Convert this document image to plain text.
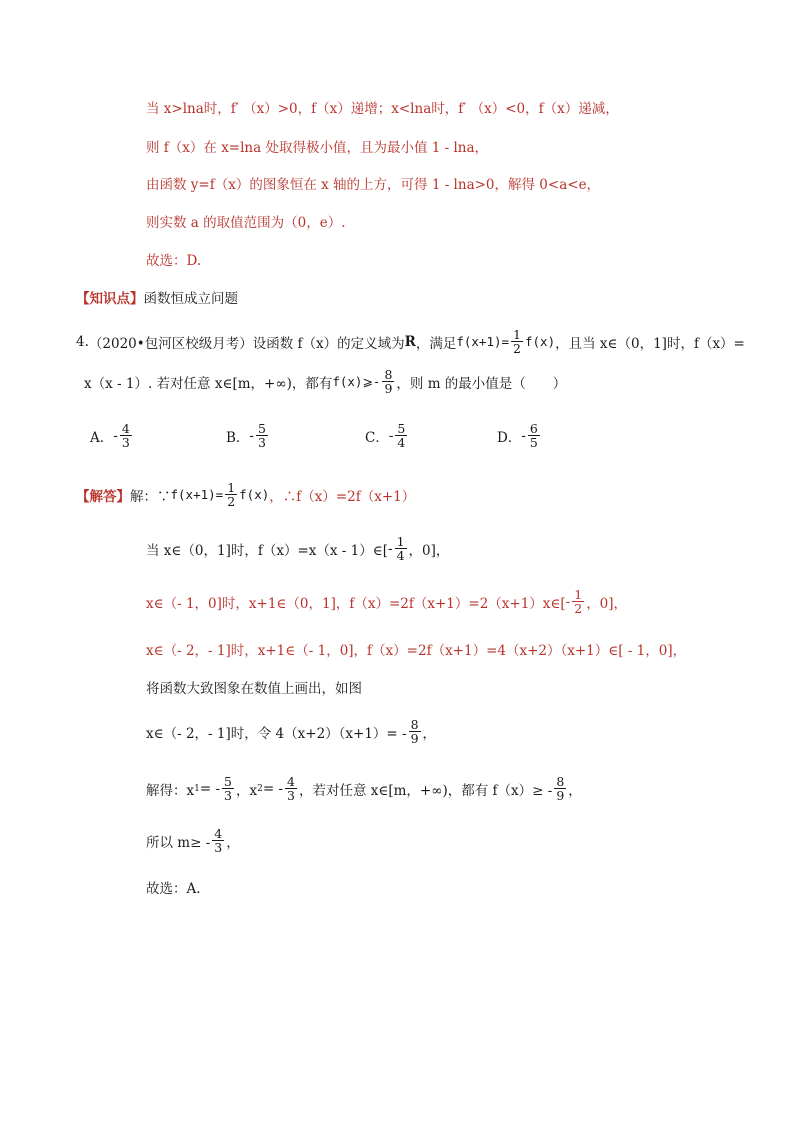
当 x>lna时，f′ （x）>0，f（x）递增；x<lna时，f′ （x）<0，f（x）递减，
则 f（x）在 x=lna 处取得极小值，且为最小值 1 - lna，
由函数 y=f（x）的图象恒在 x 轴的上方，可得 1 - lna>0，解得 0<a<e，
则实数 a 的取值范围为（0，e）.
故选：D.
【知识点】 函数恒成立问题
4. （2020•包河区校级月考） 设函数 f（x）的定义域为 R ，满足 $f(x+1)= \frac{1}{2} f(x)$ ，且当 x∈（0，1]时，f（x）=
x（x - 1）. 若对任意 x∈[m，+∞)，都有 f(x)⩾- $\frac{8}{9}$ ，则 m 的最小值是（　　）
A． - $\frac{4}{3}$	B． - $\frac{5}{3}$	C． - $\frac{5}{4}$	D． - $\frac{6}{5}$
【解答】 解：∵ $f(x+1)= \frac{1}{2} f(x)$ ，∴f（x）=2f（x+1）
当 x∈（0，1]时，f（x）=x（x - 1）∈[ - $\frac{1}{4}$ ，0]，
x∈（- 1，0]时，x+1∈（0，1]，f（x）=2f（x+1）=2（x+1）x∈[ - $\frac{1}{2}$ ，0]，
x∈（- 2，- 1]时，x+1∈（- 1，0]，f（x）=2f（x+1）=4（x+2）（x+1）∈[ - 1，0]，
将函数大致图象在数值上画出，如图
x∈（- 2，- 1]时，令 $4(x+2)(x+1)= - \frac{8}{9}$ ，
解得：x 1 = - $\frac{5}{3}$ ，x 2 = - $\frac{4}{3}$ ，若对任意 x∈[m，+∞)，都有 $f(x)\ge - \frac{8}{9}$ ，
所以 $m\ge - \frac{4}{3}$ ，
故选：A.
